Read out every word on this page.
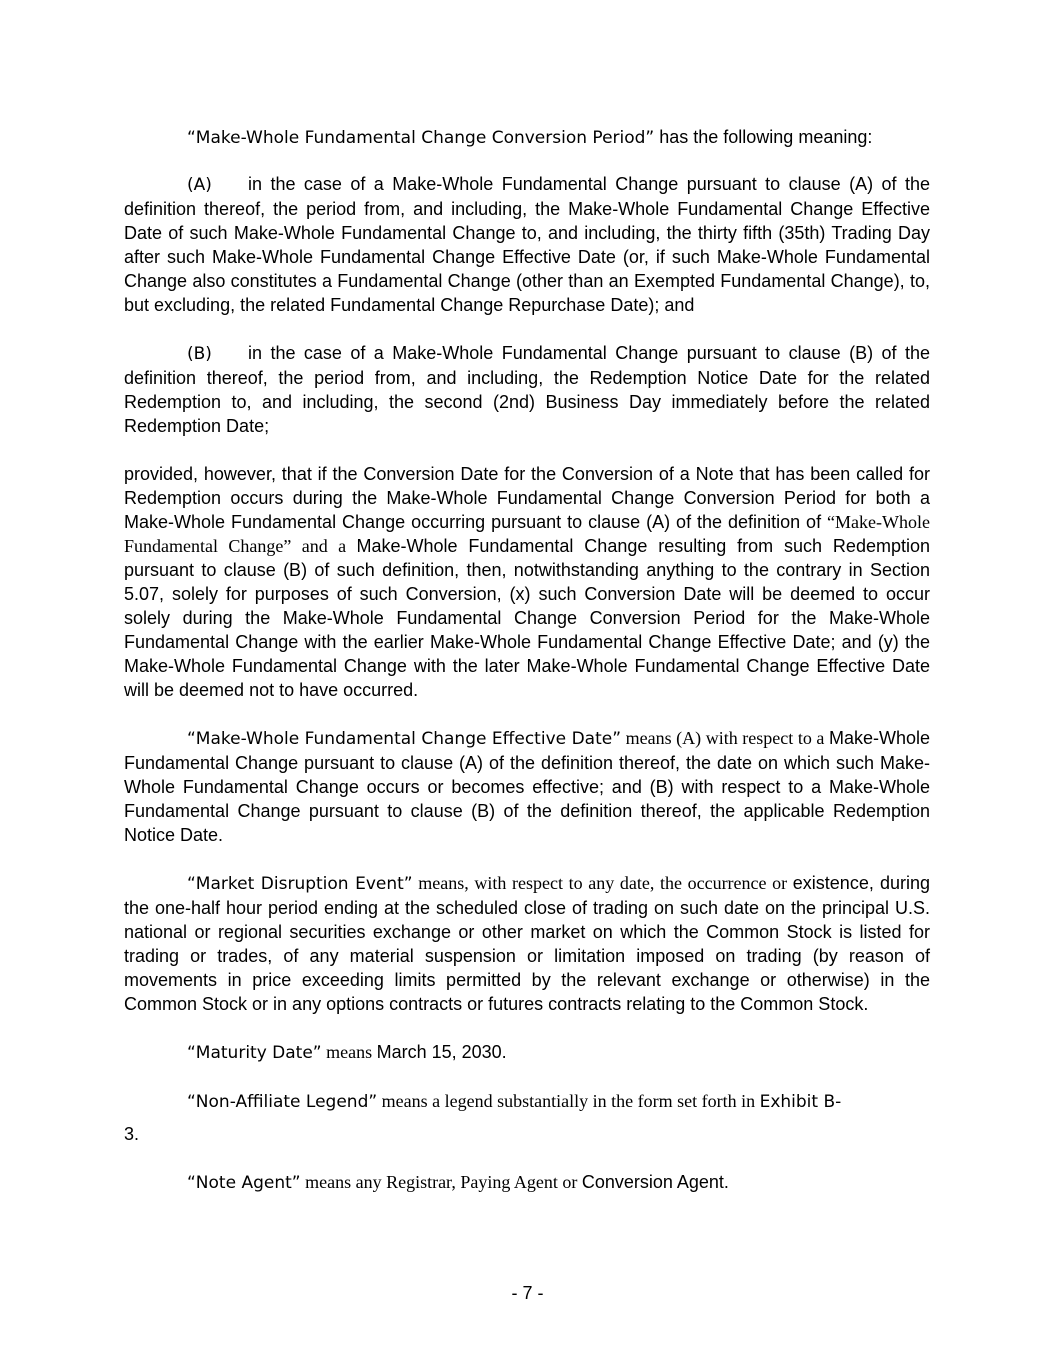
“Make-Whole Fundamental Change Conversion Period” has the following meaning:

(A) in the case of a Make-Whole Fundamental Change pursuant to clause (A) of the definition thereof, the period from, and including, the Make-Whole Fundamental Change Effective Date of such Make-Whole Fundamental Change to, and including, the thirty fifth (35th) Trading Day after such Make-Whole Fundamental Change Effective Date (or, if such Make-Whole Fundamental Change also constitutes a Fundamental Change (other than an Exempted Fundamental Change), to, but excluding, the related Fundamental Change Repurchase Date); and

(B) in the case of a Make-Whole Fundamental Change pursuant to clause (B) of the definition thereof, the period from, and including, the Redemption Notice Date for the related Redemption to, and including, the second (2nd) Business Day immediately before the related Redemption Date;

provided, however, that if the Conversion Date for the Conversion of a Note that has been called for Redemption occurs during the Make-Whole Fundamental Change Conversion Period for both a Make-Whole Fundamental Change occurring pursuant to clause (A) of the definition of “Make-Whole Fundamental Change” and a Make-Whole Fundamental Change resulting from such Redemption pursuant to clause (B) of such definition, then, notwithstanding anything to the contrary in Section 5.07, solely for purposes of such Conversion, (x) such Conversion Date will be deemed to occur solely during the Make-Whole Fundamental Change Conversion Period for the Make-Whole Fundamental Change with the earlier Make-Whole Fundamental Change Effective Date; and (y) the Make-Whole Fundamental Change with the later Make-Whole Fundamental Change Effective Date will be deemed not to have occurred.

“Make-Whole Fundamental Change Effective Date” means (A) with respect to a Make-Whole Fundamental Change pursuant to clause (A) of the definition thereof, the date on which such Make-Whole Fundamental Change occurs or becomes effective; and (B) with respect to a Make-Whole Fundamental Change pursuant to clause (B) of the definition thereof, the applicable Redemption Notice Date.

“Market Disruption Event” means, with respect to any date, the occurrence or existence, during the one-half hour period ending at the scheduled close of trading on such date on the principal U.S. national or regional securities exchange or other market on which the Common Stock is listed for trading or trades, of any material suspension or limitation imposed on trading (by reason of movements in price exceeding limits permitted by the relevant exchange or otherwise) in the Common Stock or in any options contracts or futures contracts relating to the Common Stock.

“Maturity Date” means March 15, 2030.

“Non-Affiliate Legend” means a legend substantially in the form set forth in Exhibit B-

3.

“Note Agent” means any Registrar, Paying Agent or Conversion Agent.

- 7 -
